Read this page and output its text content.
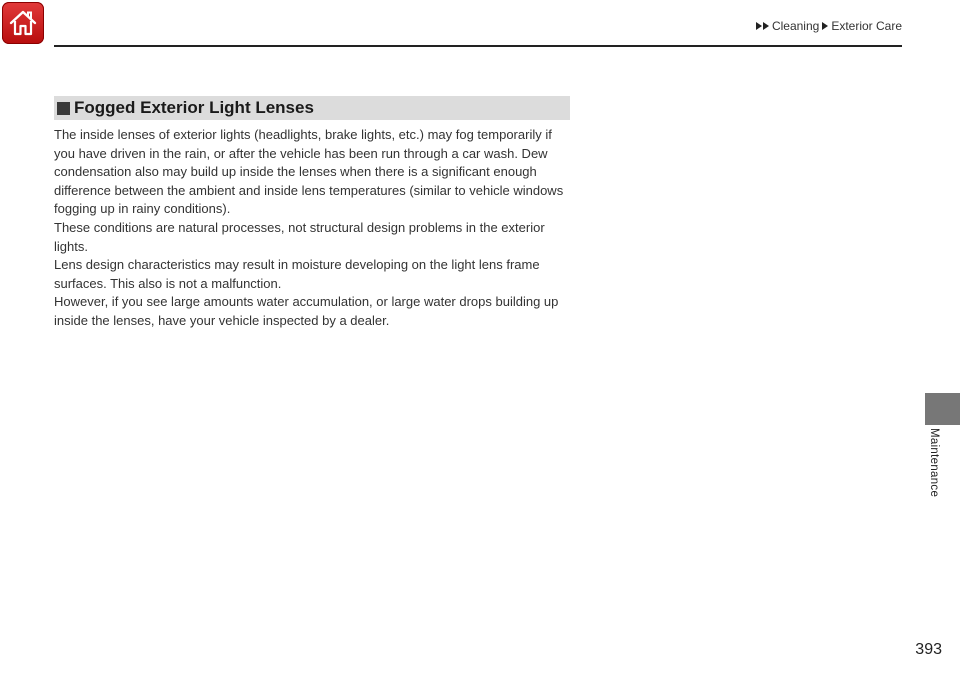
Cleaning Exterior Care
Fogged Exterior Light Lenses

The inside lenses of exterior lights (headlights, brake lights, etc.) may fog temporarily if you have driven in the rain, or after the vehicle has been run through a car wash. Dew condensation also may build up inside the lenses when there is a significant enough difference between the ambient and inside lens temperatures (similar to vehicle windows fogging up in rainy conditions).

These conditions are natural processes, not structural design problems in the exterior lights.

Lens design characteristics may result in moisture developing on the light lens frame surfaces. This also is not a malfunction.

However, if you see large amounts water accumulation, or large water drops building up inside the lenses, have your vehicle inspected by a dealer.

Maintenance
393
